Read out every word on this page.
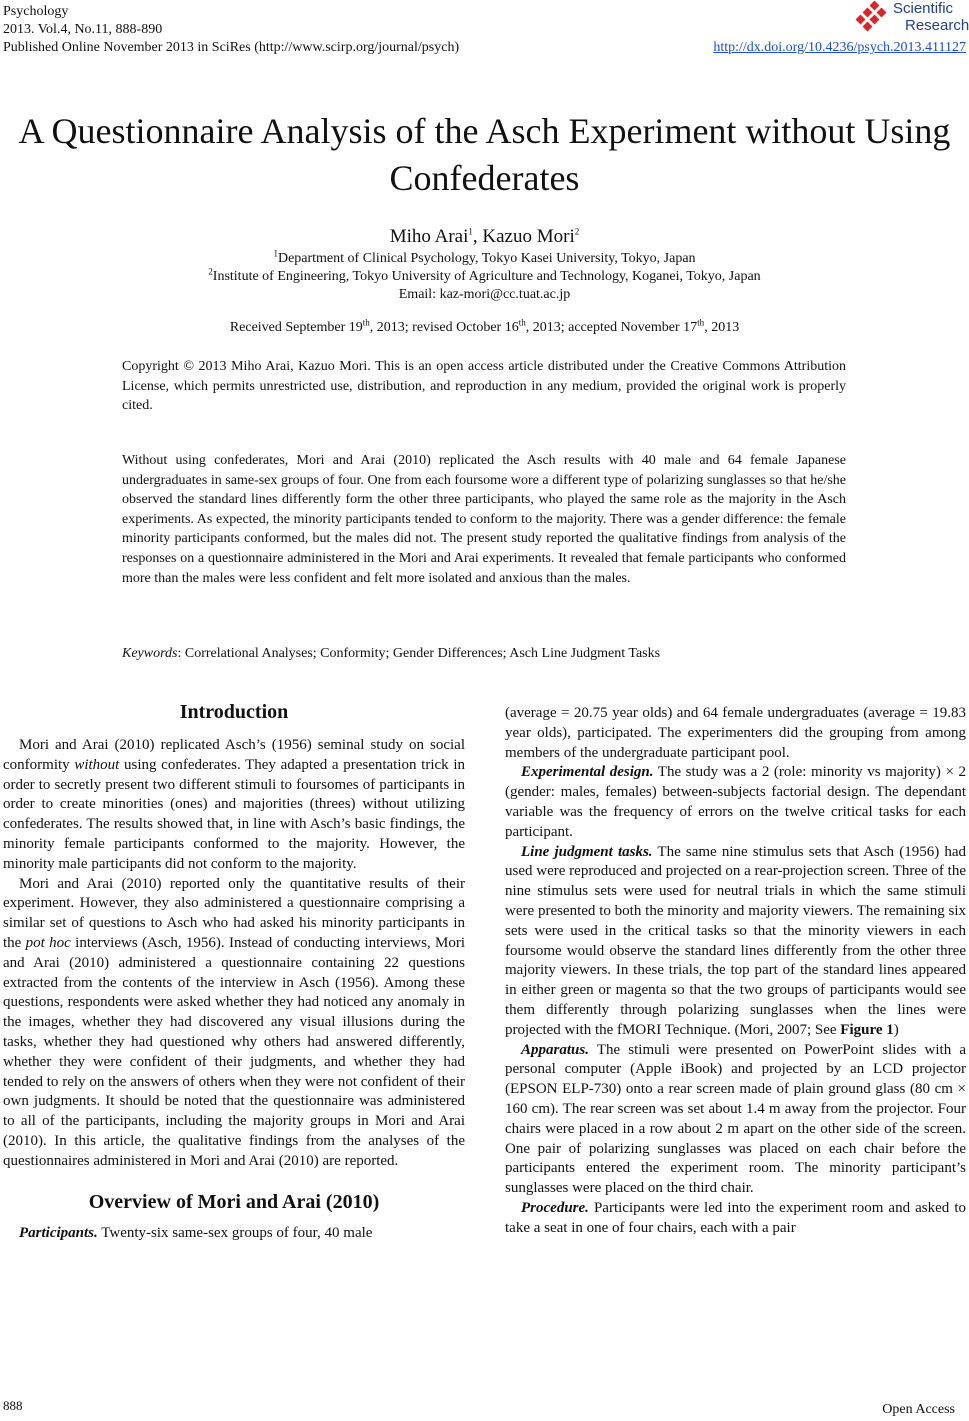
Psychology
2013. Vol.4, No.11, 888-890
Published Online November 2013 in SciRes (http://www.scirp.org/journal/psych)	http://dx.doi.org/10.4236/psych.2013.411127
Scientific
Research
A Questionnaire Analysis of the Asch Experiment without Using
Confederates
Miho Arai$^1$, Kazuo Mori$^2$
$^1$Department of Clinical Psychology, Tokyo Kasei University, Tokyo, Japan
$^2$Institute of Engineering, Tokyo University of Agriculture and Technology, Koganei, Tokyo, Japan
Email: kaz-mori@cc.tuat.ac.jp
Received September 19th, 2013; revised October 16th, 2013; accepted November 17th, 2013
Copyright © 2013 Miho Arai, Kazuo Mori. This is an open access article distributed under the Creative Commons Attribution License, which permits unrestricted use, distribution, and reproduction in any medium, provided the original work is properly cited.
Without using confederates, Mori and Arai (2010) replicated the Asch results with 40 male and 64 female Japanese undergraduates in same-sex groups of four. One from each foursome wore a different type of polarizing sunglasses so that he/she observed the standard lines differently form the other three participants, who played the same role as the majority in the Asch experiments. As expected, the minority participants tended to conform to the majority. There was a gender difference: the female minority participants conformed, but the males did not. The present study reported the qualitative findings from analysis of the responses on a questionnaire administered in the Mori and Arai experiments. It revealed that female participants who conformed more than the males were less confident and felt more isolated and anxious than the males.
Keywords: Correlational Analyses; Conformity; Gender Differences; Asch Line Judgment Tasks
Introduction

Mori and Arai (2010) replicated Asch’s (1956) seminal study on social conformity without using confederates. They adapted a presentation trick in order to secretly present two different stimuli to foursomes of participants in order to create minorities (ones) and majorities (threes) without utilizing confederates. The results showed that, in line with Asch’s basic findings, the minority female participants conformed to the majority. However, the minority male participants did not conform to the majority.

Mori and Arai (2010) reported only the quantitative results of their experiment. However, they also administered a questionnaire comprising a similar set of questions to Asch who had asked his minority participants in the pot hoc interviews (Asch, 1956). Instead of conducting interviews, Mori and Arai (2010) administered a questionnaire containing 22 questions extracted from the contents of the interview in Asch (1956). Among these questions, respondents were asked whether they had noticed any anomaly in the images, whether they had discovered any visual illusions during the tasks, whether they had questioned why others had answered differently, whether they were confident of their judgments, and whether they had tended to rely on the answers of others when they were not confident of their own judgments. It should be noted that the questionnaire was administered to all of the participants, including the majority groups in Mori and Arai (2010). In this article, the qualitative findings from the analyses of the questionnaires administered in Mori and Arai (2010) are reported.

Overview of Mori and Arai (2010)

Participants. Twenty-six same-sex groups of four, 40 male

(average = 20.75 year olds) and 64 female undergraduates (average = 19.83 year olds), participated. The experimenters did the grouping from among members of the undergraduate participant pool.

Experimental design. The study was a 2 (role: minority vs majority) × 2 (gender: males, females) between-subjects factorial design. The dependant variable was the frequency of errors on the twelve critical tasks for each participant.

Line judgment tasks. The same nine stimulus sets that Asch (1956) had used were reproduced and projected on a rear-projection screen. Three of the nine stimulus sets were used for neutral trials in which the same stimuli were presented to both the minority and majority viewers. The remaining six sets were used in the critical tasks so that the minority viewers in each foursome would observe the standard lines differently from the other three majority viewers. In these trials, the top part of the standard lines appeared in either green or magenta so that the two groups of participants would see them differently through polarizing sunglasses when the lines were projected with the fMORI Technique. (Mori, 2007; See Figure 1)

Apparatus. The stimuli were presented on PowerPoint slides with a personal computer (Apple iBook) and projected by an LCD projector (EPSON ELP-730) onto a rear screen made of plain ground glass (80 cm × 160 cm). The rear screen was set about 1.4 m away from the projector. Four chairs were placed in a row about 2 m apart on the other side of the screen. One pair of polarizing sunglasses was placed on each chair before the participants entered the experiment room. The minority participant’s sunglasses were placed on the third chair.

Procedure. Participants were led into the experiment room and asked to take a seat in one of four chairs, each with a pair

888	Open Access
